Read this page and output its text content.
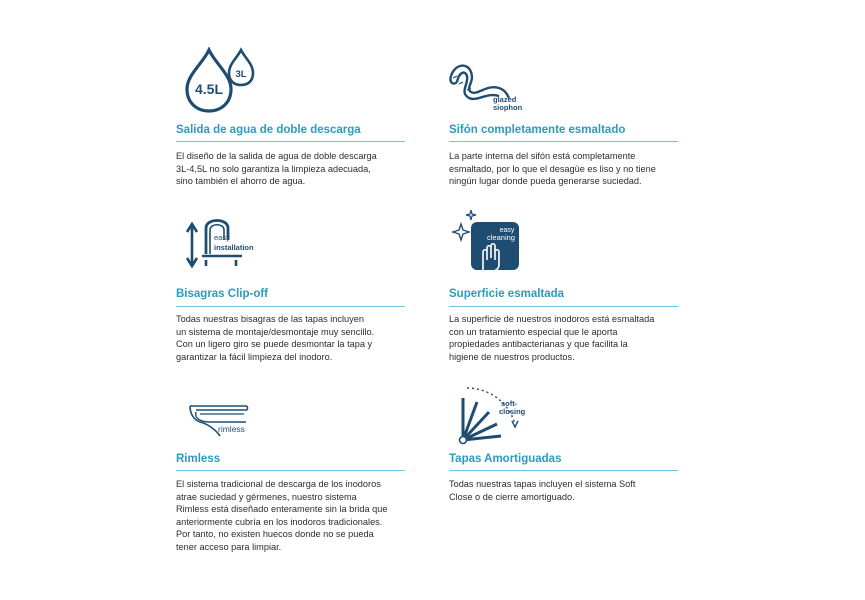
4.5L
3L
Salida de agua de doble descarga

El diseño de la salida de agua de doble descarga
3L-4,5L no solo garantiza la limpieza adecuada,
sino también el ahorro de agua.

glazed
siophon
Sifón completamente esmaltado

La parte interna del sifón está completamente
esmaltado, por lo que el desagüe es liso y no tiene
ningún lugar donde pueda generarse suciedad.

easy
installation
Bisagras Clip-off

Todas nuestras bisagras de las tapas incluyen
un sistema de montaje/desmontaje muy sencillo.
Con un ligero giro se puede desmontar la tapa y
garantizar la fácil limpieza del inodoro.

easy
cleaning
Superficie esmaltada

La superficie de nuestros inodoros está esmaltada
con un tratamiento especial que le aporta
propiedades antibacterianas y que facilita la
higiene de nuestros productos.

rimless
Rimless

El sistema tradicional de descarga de los inodoros
atrae suciedad y gérmenes, nuestro sistema
Rimless está diseñado enteramente sin la brida que
anteriormente cubría en los inodoros tradicionales.
Por tanto, no existen huecos donde no se pueda
tener acceso para limpiar.

soft-
closing
Tapas Amortiguadas

Todas nuestras tapas incluyen el sistema Soft
Close o de cierre amortiguado.
